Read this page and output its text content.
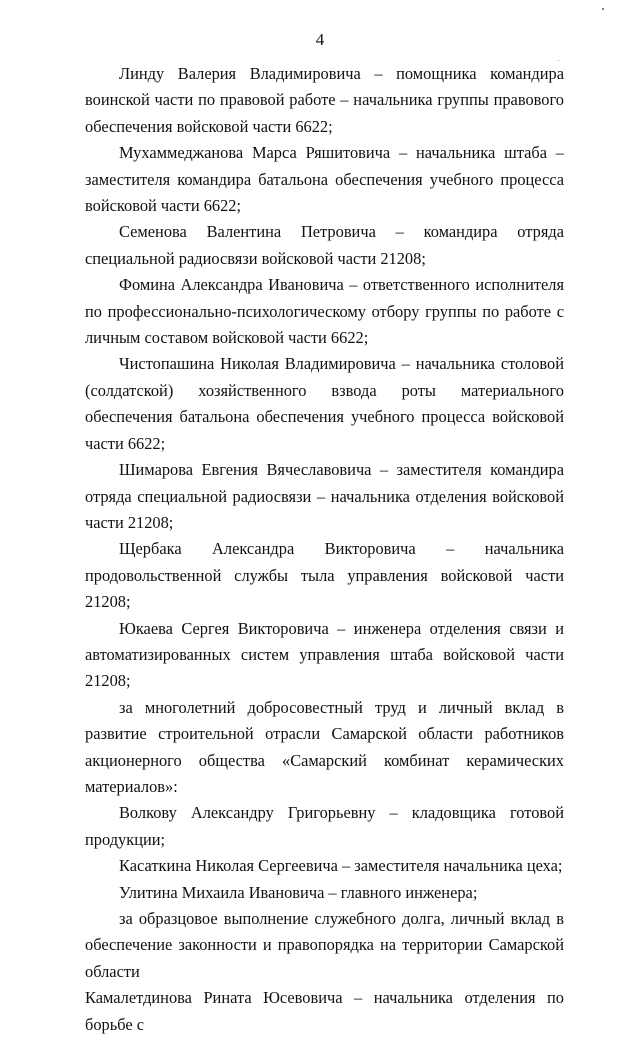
4

Линду Валерия Владимировича – помощника командира воинской части по правовой работе – начальника группы правового обеспечения войсковой части 6622;

Мухаммеджанова Марса Ряшитовича – начальника штаба – заместителя командира батальона обеспечения учебного процесса войсковой части 6622;

Семенова Валентина Петровича – командира отряда специальной радиосвязи войсковой части 21208;

Фомина Александра Ивановича – ответственного исполнителя по профессионально-психологическому отбору группы по работе с личным составом войсковой части 6622;

Чистопашина Николая Владимировича – начальника столовой (солдатской) хозяйственного взвода роты материального обеспечения батальона обеспечения учебного процесса войсковой части 6622;

Шимарова Евгения Вячеславовича – заместителя командира отряда специальной радиосвязи – начальника отделения войсковой части 21208;

Щербака Александра Викторовича – начальника продовольственной службы тыла управления войсковой части 21208;

Юкаева Сергея Викторовича – инженера отделения связи и автоматизированных систем управления штаба войсковой части 21208;

за многолетний добросовестный труд и личный вклад в развитие строительной отрасли Самарской области работников акционерного общества «Самарский комбинат керамических материалов»:

Волкову Александру Григорьевну – кладовщика готовой продукции;

Касаткина Николая Сергеевича – заместителя начальника цеха;

Улитина Михаила Ивановича – главного инженера;

за образцовое выполнение служебного долга, личный вклад в обеспечение законности и правопорядка на территории Самарской области

Камалетдинова Рината Юсевовича – начальника отделения по борьбе с
